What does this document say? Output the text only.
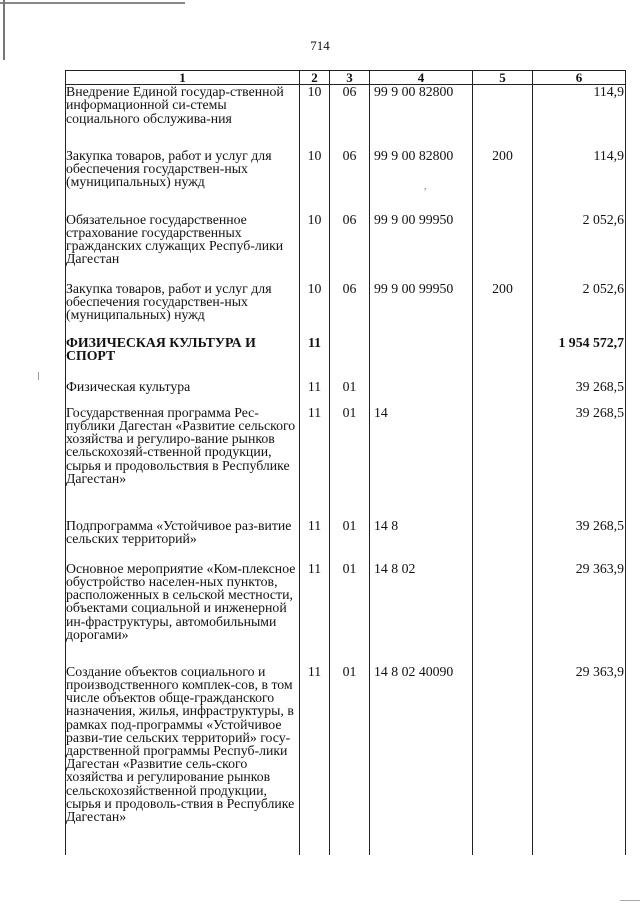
714
1	2	3	4	5	6
Внедрение Единой государ-ственной информационной си-стемы социального обслужива-ния	10	06	99 9 00 82800		114,9
Закупка товаров, работ и услуг для обеспечения государствен-ных (муниципальных) нужд	10	06	99 9 00 82800	200	114,9
Обязательное государственное страхование государственных гражданских служащих Респуб-лики Дагестан	10	06	99 9 00 99950		2 052,6
Закупка товаров, работ и услуг для обеспечения государствен-ных (муниципальных) нужд	10	06	99 9 00 99950	200	2 052,6
ФИЗИЧЕСКАЯ КУЛЬТУРА И СПОРТ	11				1 954 572,7
Физическая культура	11	01			39 268,5
Государственная программа Рес-публики Дагестан «Развитие сельского хозяйства и регулиро-вание рынков сельскохозяй-ственной продукции, сырья и продовольствия в Республике Дагестан»	11	01	14		39 268,5
Подпрограмма «Устойчивое раз-витие сельских территорий»	11	01	14 8		39 268,5
Основное мероприятие «Ком-плексное обустройство населен-ных пунктов, расположенных в сельской местности, объектами социальной и инженерной ин-фраструктуры, автомобильными дорогами»	11	01	14 8 02		29 363,9
Создание объектов социального и производственного комплек-сов, в том числе объектов обще-гражданского назначения, жилья, инфраструктуры, в рамках под-программы «Устойчивое разви-тие сельских территорий» госу-дарственной программы Респуб-лики Дагестан «Развитие сель-ского хозяйства и регулирование рынков сельскохозяйственной продукции, сырья и продоволь-ствия в Республике Дагестан»	11	01	14 8 02 40090		29 363,9

,
